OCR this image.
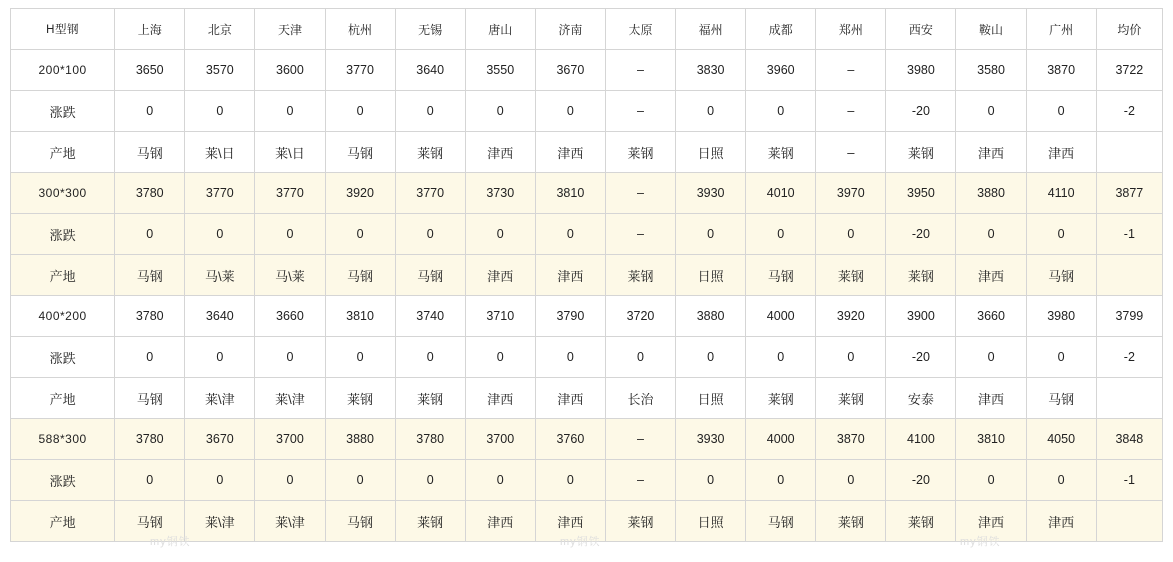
H型钢	上海	北京	天津	杭州	无锡	唐山	济南	太原	福州	成都	郑州	西安	鞍山	广州	均价
200*100	3650	3570	3600	3770	3640	3550	3670	–	3830	3960	–	3980	3580	3870	3722
涨跌	0	0	0	0	0	0	0	–	0	0	–	-20	0	0	-2
产地	马钢	莱\日	莱\日	马钢	莱钢	津西	津西	莱钢	日照	莱钢	–	莱钢	津西	津西	
300*300	3780	3770	3770	3920	3770	3730	3810	–	3930	4010	3970	3950	3880	4110	3877
涨跌	0	0	0	0	0	0	0	–	0	0	0	-20	0	0	-1
产地	马钢	马\莱	马\莱	马钢	马钢	津西	津西	莱钢	日照	马钢	莱钢	莱钢	津西	马钢	
400*200	3780	3640	3660	3810	3740	3710	3790	3720	3880	4000	3920	3900	3660	3980	3799
涨跌	0	0	0	0	0	0	0	0	0	0	0	-20	0	0	-2
产地	马钢	莱\津	莱\津	莱钢	莱钢	津西	津西	长治	日照	莱钢	莱钢	安泰	津西	马钢	
588*300	3780	3670	3700	3880	3780	3700	3760	–	3930	4000	3870	4100	3810	4050	3848
涨跌	0	0	0	0	0	0	0	–	0	0	0	-20	0	0	-1
产地	马钢	莱\津	莱\津	马钢	莱钢	津西	津西	莱钢	日照	马钢	莱钢	莱钢	津西	津西	
my钢铁	my钢铁	my钢铁
